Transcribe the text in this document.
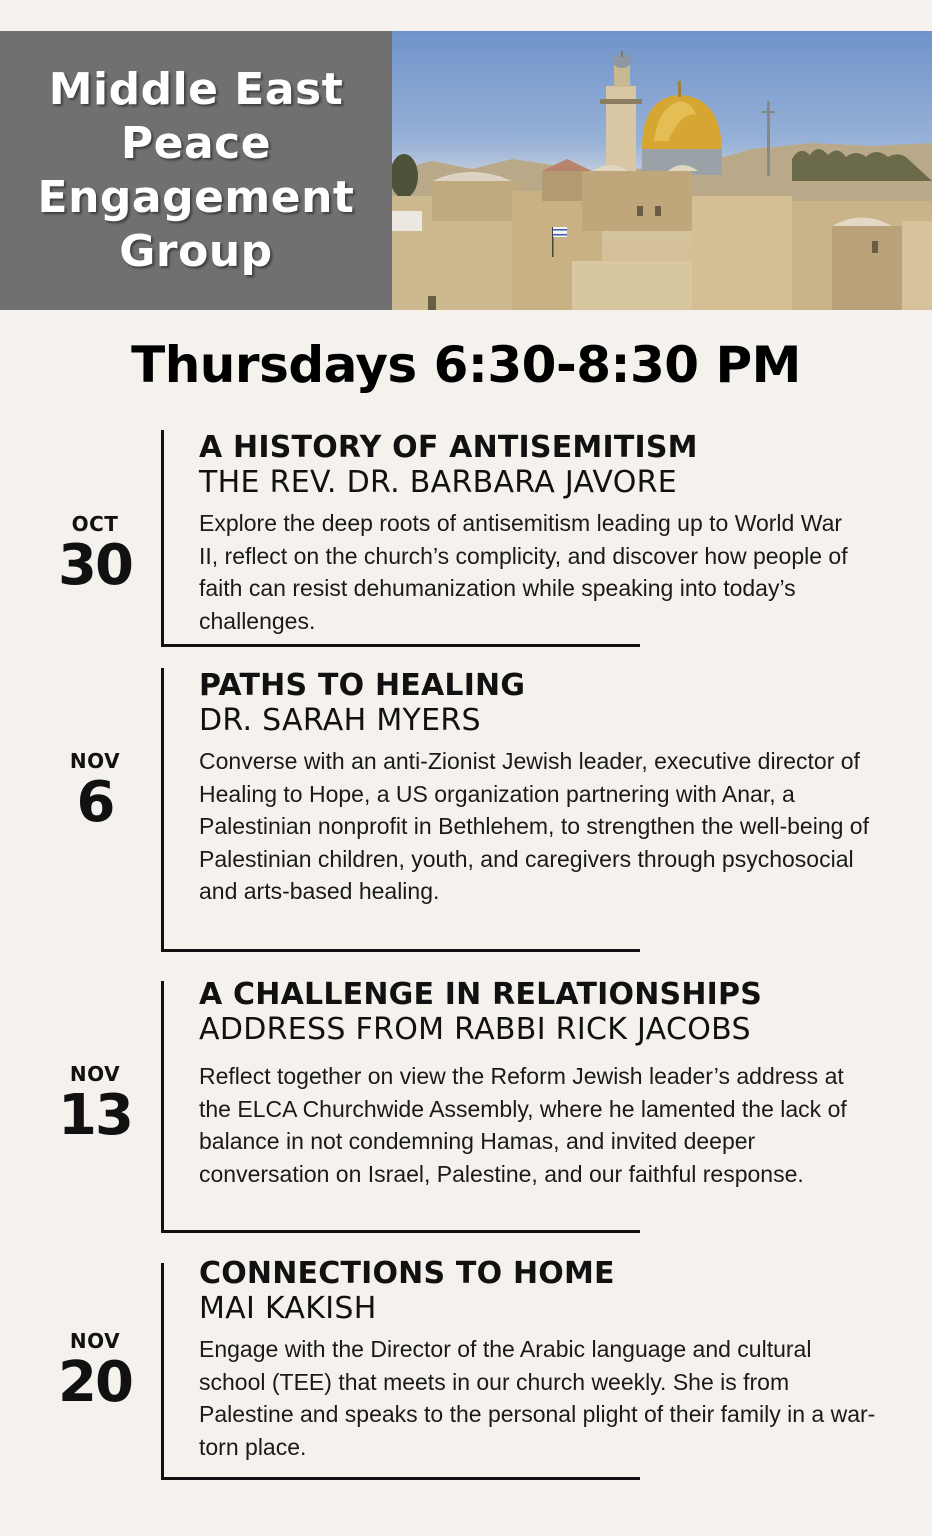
Middle East
Peace
Engagement
Group
Thursdays 6:30-8:30 PM
OCT
30
A HISTORY OF ANTISEMITISM
THE REV. DR. BARBARA JAVORE
Explore the deep roots of antisemitism leading up to World War II, reflect on the church’s complicity, and discover how people of faith can resist dehumanization while speaking into today’s challenges.
NOV
6
PATHS TO HEALING
DR. SARAH MYERS
Converse with an anti-Zionist Jewish leader, executive director of Healing to Hope, a US organization partnering with Anar, a Palestinian nonprofit in Bethlehem, to strengthen the well-being of Palestinian children, youth, and caregivers through psychosocial and arts-based healing.
NOV
13
A CHALLENGE IN RELATIONSHIPS
ADDRESS FROM RABBI RICK JACOBS
Reflect together on view the Reform Jewish leader’s address at the ELCA Churchwide Assembly, where he lamented the lack of balance in not condemning Hamas, and invited deeper conversation on Israel, Palestine, and our faithful response.
NOV
20
CONNECTIONS TO HOME
MAI KAKISH
Engage with the Director of the Arabic language and cultural school (TEE) that meets in our church weekly. She is from Palestine and speaks to the personal plight of their family in a war-torn place.
